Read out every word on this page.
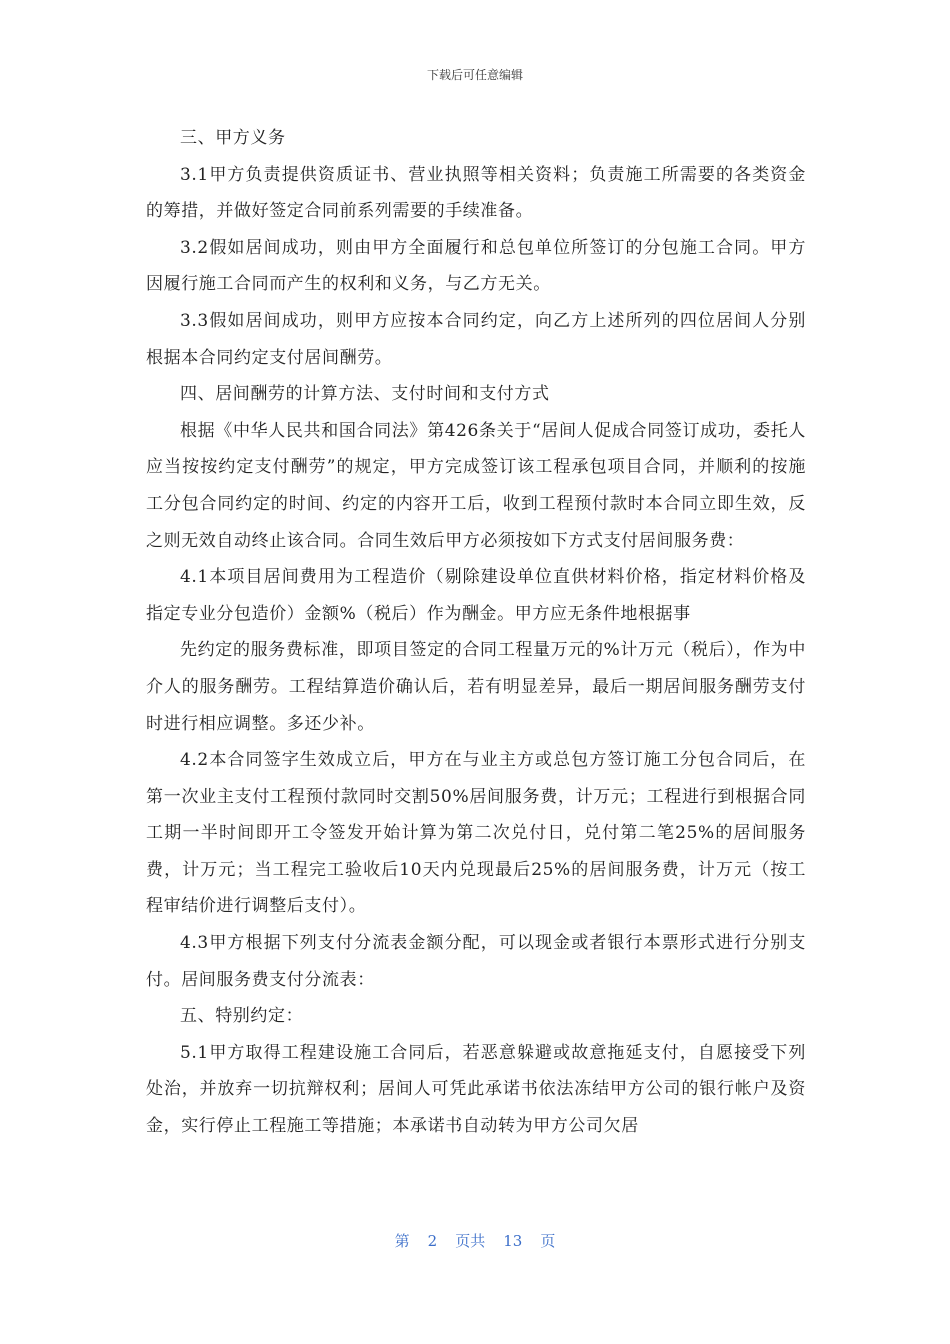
下载后可任意编辑

三、甲方义务

3.1甲方负责提供资质证书、营业执照等相关资料；负责施工所需要的各类资金的筹措，并做好签定合同前系列需要的手续准备。

3.2假如居间成功，则由甲方全面履行和总包单位所签订的分包施工合同。甲方因履行施工合同而产生的权利和义务，与乙方无关。

3.3假如居间成功，则甲方应按本合同约定，向乙方上述所列的四位居间人分别根据本合同约定支付居间酬劳。

四、居间酬劳的计算方法、支付时间和支付方式

根据《中华人民共和国合同法》第426条关于“居间人促成合同签订成功，委托人应当按按约定支付酬劳”的规定，甲方完成签订该工程承包项目合同，并顺利的按施工分包合同约定的时间、约定的内容开工后，收到工程预付款时本合同立即生效，反之则无效自动终止该合同。合同生效后甲方必须按如下方式支付居间服务费：

4.1本项目居间费用为工程造价（剔除建设单位直供材料价格，指定材料价格及指定专业分包造价）金额%（税后）作为酬金。甲方应无条件地根据事

先约定的服务费标准，即项目签定的合同工程量万元的%计万元（税后），作为中介人的服务酬劳。工程结算造价确认后，若有明显差异，最后一期居间服务酬劳支付时进行相应调整。多还少补。

4.2本合同签字生效成立后，甲方在与业主方或总包方签订施工分包合同后，在第一次业主支付工程预付款同时交割50%居间服务费，计万元；工程进行到根据合同工期一半时间即开工令签发开始计算为第二次兑付日，兑付第二笔25%的居间服务费，计万元；当工程完工验收后10天内兑现最后25%的居间服务费，计万元（按工程审结价进行调整后支付）。

4.3甲方根据下列支付分流表金额分配，可以现金或者银行本票形式进行分别支付。居间服务费支付分流表：

五、特别约定：

5.1甲方取得工程建设施工合同后，若恶意躲避或故意拖延支付，自愿接受下列处治，并放弃一切抗辩权利；居间人可凭此承诺书依法冻结甲方公司的银行帐户及资金，实行停止工程施工等措施；本承诺书自动转为甲方公司欠居

第 2 页共 13 页
